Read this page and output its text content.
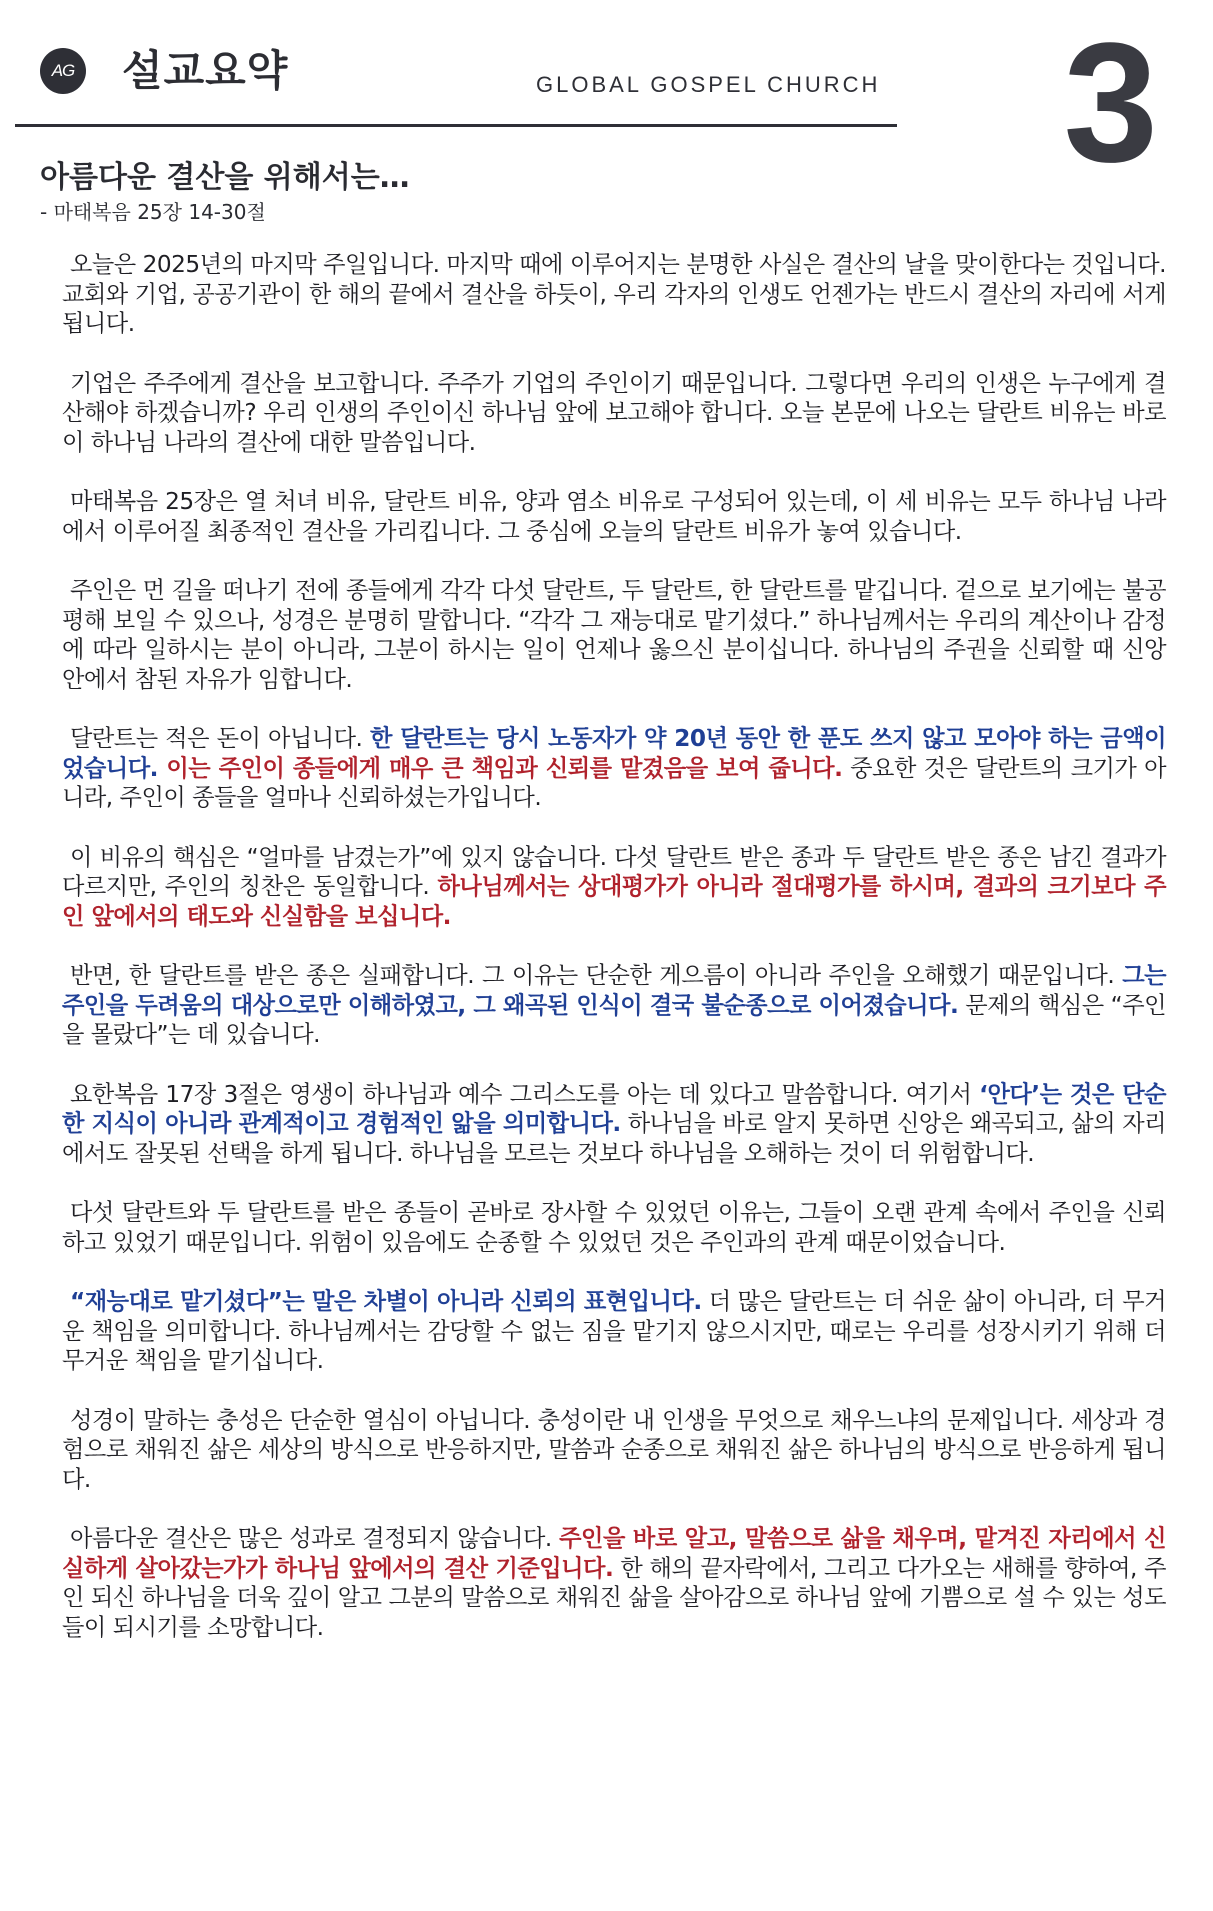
AG 설교요약	GLOBAL GOSPEL CHURCH 3
아름다운 결산을 위해서는…
- 마태복음 25장 14-30절

오늘은 2025년의 마지막 주일입니다. 마지막 때에 이루어지는 분명한 사실은 결산의 날을 맞이한다는 것입니다. 교회와 기업, 공공기관이 한 해의 끝에서 결산을 하듯이, 우리 각자의 인생도 언젠가는 반드시 결산의 자리에 서게 됩니다.

기업은 주주에게 결산을 보고합니다. 주주가 기업의 주인이기 때문입니다. 그렇다면 우리의 인생은 누구에게 결산해야 하겠습니까? 우리 인생의 주인이신 하나님 앞에 보고해야 합니다. 오늘 본문에 나오는 달란트 비유는 바로 이 하나님 나라의 결산에 대한 말씀입니다.

마태복음 25장은 열 처녀 비유, 달란트 비유, 양과 염소 비유로 구성되어 있는데, 이 세 비유는 모두 하나님 나라에서 이루어질 최종적인 결산을 가리킵니다. 그 중심에 오늘의 달란트 비유가 놓여 있습니다.

주인은 먼 길을 떠나기 전에 종들에게 각각 다섯 달란트, 두 달란트, 한 달란트를 맡깁니다. 겉으로 보기에는 불공평해 보일 수 있으나, 성경은 분명히 말합니다. “각각 그 재능대로 맡기셨다.” 하나님께서는 우리의 계산이나 감정에 따라 일하시는 분이 아니라, 그분이 하시는 일이 언제나 옳으신 분이십니다. 하나님의 주권을 신뢰할 때 신앙 안에서 참된 자유가 임합니다.

달란트는 적은 돈이 아닙니다. 한 달란트는 당시 노동자가 약 20년 동안 한 푼도 쓰지 않고 모아야 하는 금액이었습니다. 이는 주인이 종들에게 매우 큰 책임과 신뢰를 맡겼음을 보여 줍니다. 중요한 것은 달란트의 크기가 아니라, 주인이 종들을 얼마나 신뢰하셨는가입니다.

이 비유의 핵심은 “얼마를 남겼는가”에 있지 않습니다. 다섯 달란트 받은 종과 두 달란트 받은 종은 남긴 결과가 다르지만, 주인의 칭찬은 동일합니다. 하나님께서는 상대평가가 아니라 절대평가를 하시며, 결과의 크기보다 주인 앞에서의 태도와 신실함을 보십니다.

반면, 한 달란트를 받은 종은 실패합니다. 그 이유는 단순한 게으름이 아니라 주인을 오해했기 때문입니다. 그는 주인을 두려움의 대상으로만 이해하였고, 그 왜곡된 인식이 결국 불순종으로 이어졌습니다. 문제의 핵심은 “주인을 몰랐다”는 데 있습니다.

요한복음 17장 3절은 영생이 하나님과 예수 그리스도를 아는 데 있다고 말씀합니다. 여기서 ‘안다’는 것은 단순한 지식이 아니라 관계적이고 경험적인 앎을 의미합니다. 하나님을 바로 알지 못하면 신앙은 왜곡되고, 삶의 자리에서도 잘못된 선택을 하게 됩니다. 하나님을 모르는 것보다 하나님을 오해하는 것이 더 위험합니다.

다섯 달란트와 두 달란트를 받은 종들이 곧바로 장사할 수 있었던 이유는, 그들이 오랜 관계 속에서 주인을 신뢰하고 있었기 때문입니다. 위험이 있음에도 순종할 수 있었던 것은 주인과의 관계 때문이었습니다.

“재능대로 맡기셨다”는 말은 차별이 아니라 신뢰의 표현입니다. 더 많은 달란트는 더 쉬운 삶이 아니라, 더 무거운 책임을 의미합니다. 하나님께서는 감당할 수 없는 짐을 맡기지 않으시지만, 때로는 우리를 성장시키기 위해 더 무거운 책임을 맡기십니다.

성경이 말하는 충성은 단순한 열심이 아닙니다. 충성이란 내 인생을 무엇으로 채우느냐의 문제입니다. 세상과 경험으로 채워진 삶은 세상의 방식으로 반응하지만, 말씀과 순종으로 채워진 삶은 하나님의 방식으로 반응하게 됩니다.

아름다운 결산은 많은 성과로 결정되지 않습니다. 주인을 바로 알고, 말씀으로 삶을 채우며, 맡겨진 자리에서 신실하게 살아갔는가가 하나님 앞에서의 결산 기준입니다. 한 해의 끝자락에서, 그리고 다가오는 새해를 향하여, 주인 되신 하나님을 더욱 깊이 알고 그분의 말씀으로 채워진 삶을 살아감으로 하나님 앞에 기쁨으로 설 수 있는 성도들이 되시기를 소망합니다.
